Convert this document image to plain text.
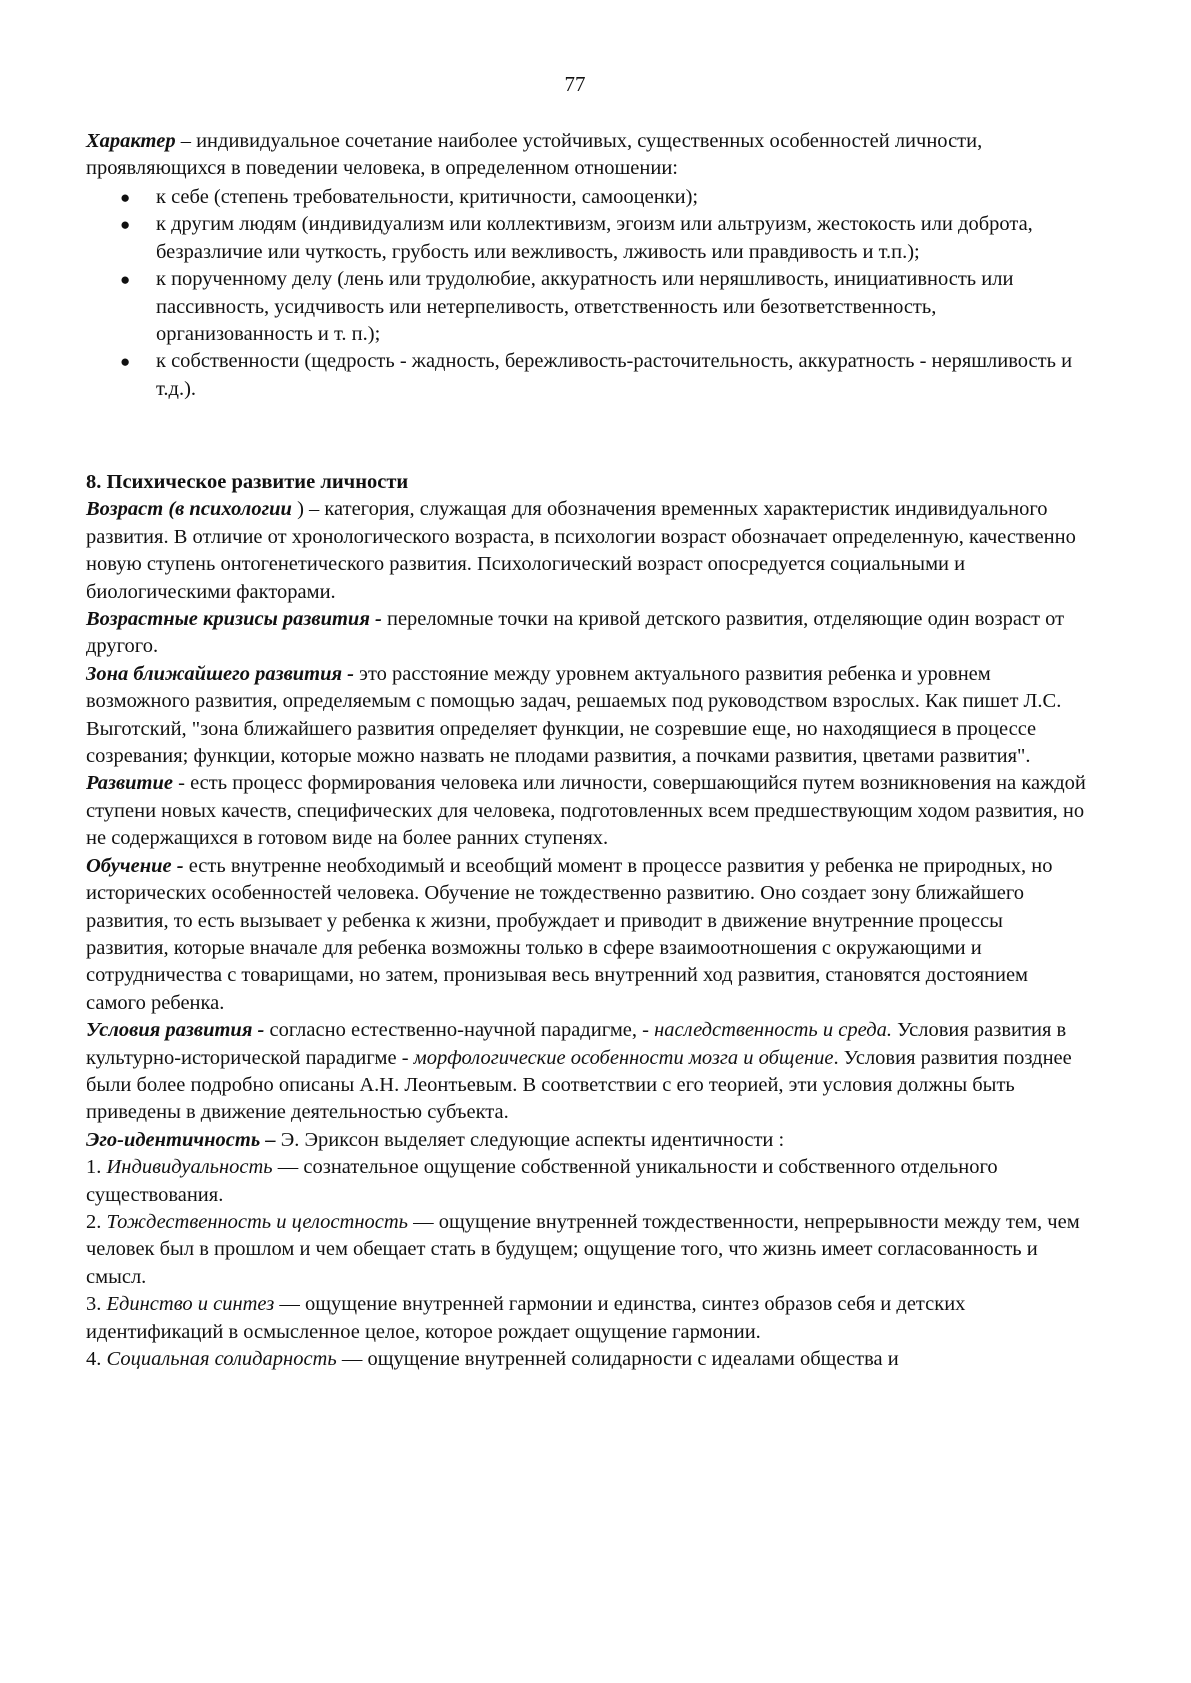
77

Характер – индивидуальное сочетание наиболее устойчивых, существенных особенностей личности, проявляющихся в поведении человека, в определенном отношении:

● к себе (степень требовательности, критичности, самооценки);
● к другим людям (индивидуализм или коллективизм, эгоизм или альтруизм, жестокость или доброта, безразличие или чуткость, грубость или вежливость, лживость или правдивость и т.п.);
● к порученному делу (лень или трудолюбие, аккуратность или неряшливость, инициативность или пассивность, усидчивость или нетерпеливость, ответственность или безответственность, организованность и т. п.);
● к собственности (щедрость - жадность, бережливость-расточительность, аккуратность - неряшливость и т.д.).

8. Психическое развитие личности

Возраст (в психологии ) – категория, служащая для обозначения временных характеристик индивидуального развития. В отличие от хронологического возраста, в психологии возраст обозначает определенную, качественно новую ступень онтогенетического развития. Психологический возраст опосредуется социальными и биологическими факторами.

Возрастные кризисы развития - переломные точки на кривой детского развития, отделяющие один возраст от другого.

Зона ближайшего развития - это расстояние между уровнем актуального развития ребенка и уровнем возможного развития, определяемым с помощью задач, решаемых под руководством взрослых. Как пишет Л.С. Выготский, "зона ближайшего развития определяет функции, не созревшие еще, но находящиеся в процессе созревания; функции, которые можно назвать не плодами развития, а почками развития, цветами развития".

Развитие - есть процесс формирования человека или личности, совершающийся путем возникновения на каждой ступени новых качеств, специфических для человека, подготовленных всем предшествующим ходом развития, но не содержащихся в готовом виде на более ранних ступенях.

Обучение - есть внутренне необходимый и всеобщий момент в процессе развития у ребенка не природных, но исторических особенностей человека. Обучение не тождественно развитию. Оно создает зону ближайшего развития, то есть вызывает у ребенка к жизни, пробуждает и приводит в движение внутренние процессы развития, которые вначале для ребенка возможны только в сфере взаимоотношения с окружающими и сотрудничества с товарищами, но затем, пронизывая весь внутренний ход развития, становятся достоянием самого ребенка.

Условия развития - согласно естественно-научной парадигме, - наследственность и среда. Условия развития в культурно-исторической парадигме - морфологические особенности мозга и общение. Условия развития позднее были более подробно описаны А.Н. Леонтьевым. В соответствии с его теорией, эти условия должны быть приведены в движение деятельностью субъекта.

Эго-идентичность – Э. Эриксон выделяет следующие аспекты идентичности :

1. Индивидуальность — сознательное ощущение собственной уникальности и собственного отдельного существования.

2. Тождественность и целостность — ощущение внутренней тождественности, непрерывности между тем, чем человек был в прошлом и чем обещает стать в будущем; ощущение того, что жизнь имеет согласованность и смысл.

3. Единство и синтез — ощущение внутренней гармонии и единства, синтез образов себя и детских идентификаций в осмысленное целое, которое рождает ощущение гармонии.

4. Социальная солидарность — ощущение внутренней солидарности с идеалами общества и
